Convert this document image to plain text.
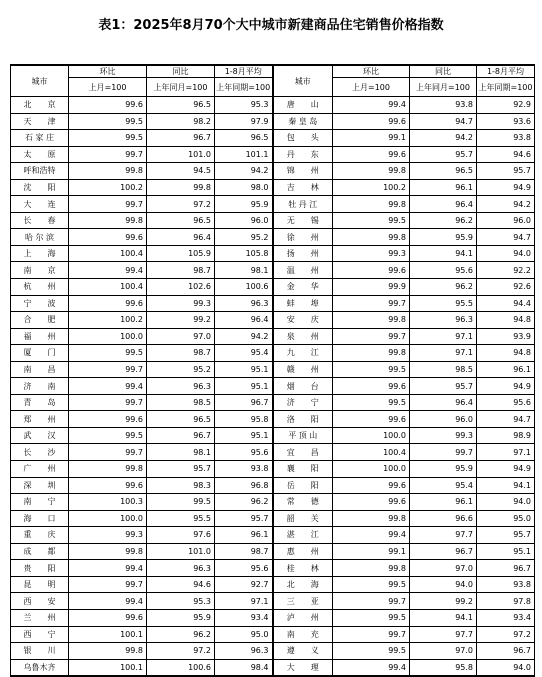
表1：2025年8月70个大中城市新建商品住宅销售价格指数
城市	环比	同比	1-8月平均	城市	环比	同比	1-8月平均
	上月=100	上年同月=100	上年同期=100		上月=100	上年同月=100	上年同期=100
北　　京	99.6	96.5	95.3	唐　　山	99.4	93.8	92.9
天　　津	99.5	98.2	97.9	秦 皇 岛	99.6	94.7	93.6
石 家 庄	99.5	96.7	96.5	包　　头	99.1	94.2	93.8
太　　原	99.7	101.0	101.1	丹　　东	99.6	95.7	94.6
呼和浩特	99.8	94.5	94.2	锦　　州	99.8	96.5	95.7
沈　　阳	100.2	99.8	98.0	吉　　林	100.2	96.1	94.9
大　　连	99.7	97.2	95.9	牡 丹 江	99.8	96.4	94.2
长　　春	99.8	96.5	96.0	无　　锡	99.5	96.2	96.0
哈 尔 滨	99.6	96.4	95.2	徐　　州	99.8	95.9	94.7
上　　海	100.4	105.9	105.8	扬　　州	99.3	94.1	94.0
南　　京	99.4	98.7	98.1	温　　州	99.6	95.6	92.2
杭　　州	100.4	102.6	100.6	金　　华	99.9	96.2	92.6
宁　　波	99.6	99.3	96.3	蚌　　埠	99.7	95.5	94.4
合　　肥	100.2	99.2	96.4	安　　庆	99.8	96.3	94.8
福　　州	100.0	97.0	94.2	泉　　州	99.7	97.1	93.9
厦　　门	99.5	98.7	95.4	九　　江	99.8	97.1	94.8
南　　昌	99.7	95.2	95.1	赣　　州	99.5	98.5	96.1
济　　南	99.4	96.3	95.1	烟　　台	99.6	95.7	94.9
青　　岛	99.7	98.5	96.7	济　　宁	99.5	96.4	95.6
郑　　州	99.6	96.5	95.8	洛　　阳	99.6	96.0	94.7
武　　汉	99.5	96.7	95.1	平 顶 山	100.0	99.3	98.9
长　　沙	99.7	98.1	95.6	宜　　昌	100.4	99.7	97.1
广　　州	99.8	95.7	93.8	襄　　阳	100.0	95.9	94.9
深　　圳	99.6	98.3	96.8	岳　　阳	99.6	95.4	94.1
南　　宁	100.3	99.5	96.2	常　　德	99.6	96.1	94.0
海　　口	100.0	95.5	95.7	韶　　关	99.8	96.6	95.0
重　　庆	99.3	97.6	96.1	湛　　江	99.4	97.7	95.7
成　　都	99.8	101.0	98.7	惠　　州	99.1	96.7	95.1
贵　　阳	99.4	96.3	95.6	桂　　林	99.8	97.0	96.7
昆　　明	99.7	94.6	92.7	北　　海	99.5	94.0	93.8
西　　安	99.4	95.3	97.1	三　　亚	99.7	99.2	97.8
兰　　州	99.6	95.9	93.4	泸　　州	99.5	94.1	93.4
西　　宁	100.1	96.2	95.0	南　　充	99.7	97.7	97.2
银　　川	99.8	97.2	96.3	遵　　义	99.5	97.0	96.7
乌鲁木齐	100.1	100.6	98.4	大　　理	99.4	95.8	94.0
